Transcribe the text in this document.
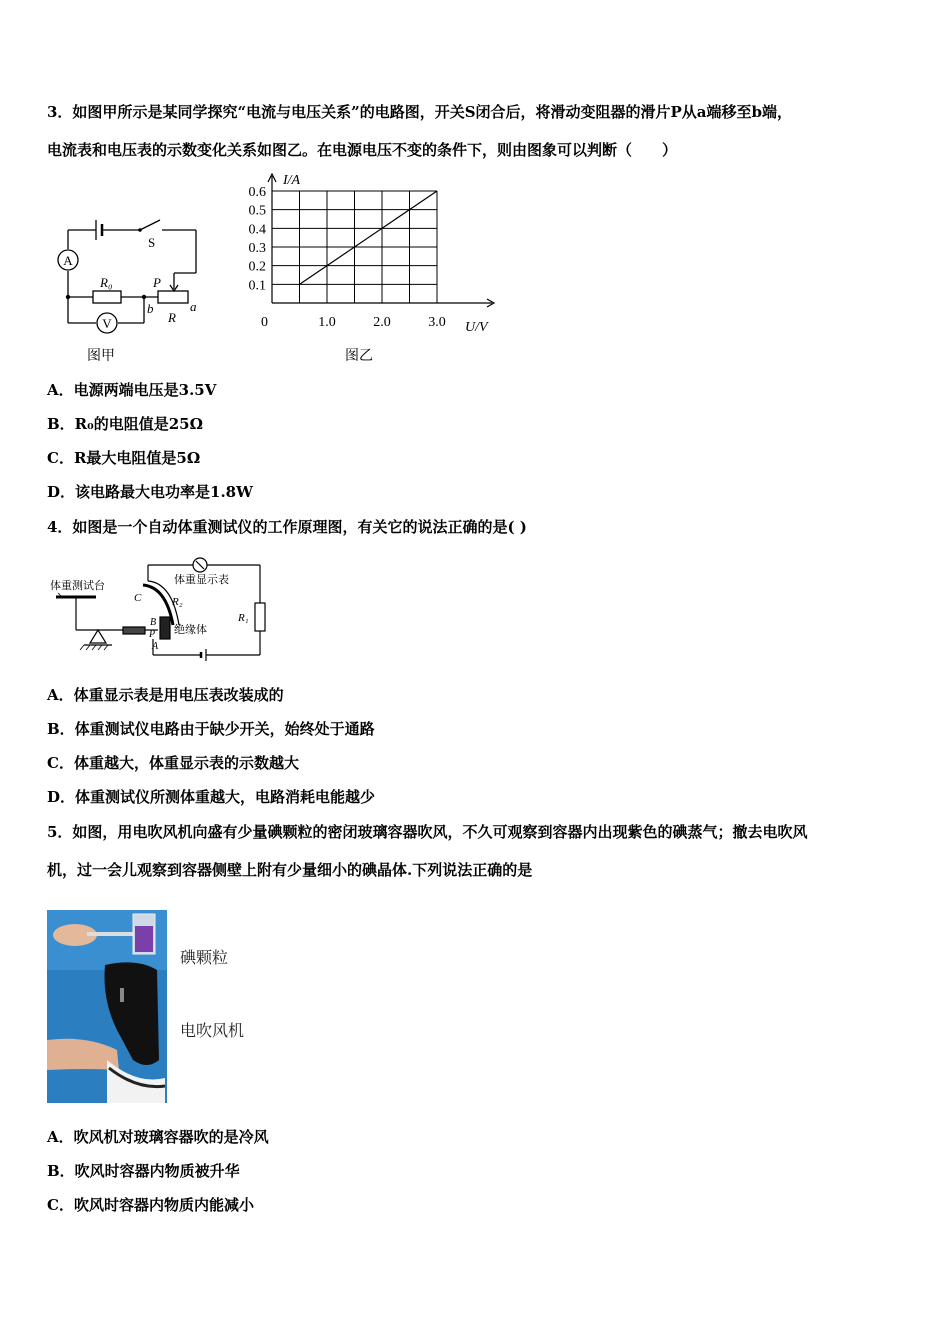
3．如图甲所示是某同学探究“电流与电压关系”的电路图，开关S闭合后，将滑动变阻器的滑片P从a端移至b端，
电流表和电压表的示数变化关系如图乙。在电源电压不变的条件下，则由图象可以判断（　　）
A
V
S
R₀	P
R
a
b
图甲
0.1
0.2
0.3
0.4
0.5
0.6
0	1.0	2.0	3.0
I/A
U/V
图乙
A．电源两端电压是3.5V
B．R₀的电阻值是25Ω
C．R最大电阻值是5Ω
D．该电路最大电功率是1.8W
4．如图是一个自动体重测试仪的工作原理图，有关它的说法正确的是( )
体重测试台	体重显示表
R₂
R₁
绝缘体
C
B
P
A
A．体重显示表是用电压表改装成的
B．体重测试仪电路由于缺少开关，始终处于通路
C．体重越大，体重显示表的示数越大
D．体重测试仪所测体重越大，电路消耗电能越少
5．如图，用电吹风机向盛有少量碘颗粒的密闭玻璃容器吹风，不久可观察到容器内出现紫色的碘蒸气；撤去电吹风
机，过一会儿观察到容器侧壁上附有少量细小的碘晶体.下列说法正确的是
碘颗粒
电吹风机
A．吹风机对玻璃容器吹的是冷风
B．吹风时容器内物质被升华
C．吹风时容器内物质内能减小
